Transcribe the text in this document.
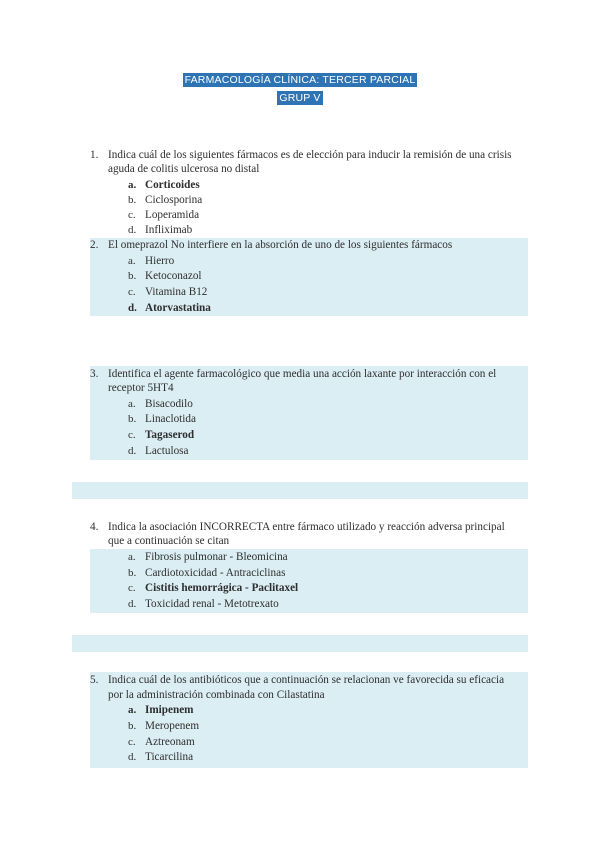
FARMACOLOGÍA CLÍNICA: TERCER PARCIAL
GRUP V
1. Indica cuál de los siguientes fármacos es de elección para inducir la remisión de una crisis
aguda de colitis ulcerosa no distal
a. Corticoides
b. Ciclosporina
c. Loperamida
d. Infliximab
2. El omeprazol No interfiere en la absorción de uno de los siguientes fármacos
a. Hierro
b. Ketoconazol
c. Vitamina B12
d. Atorvastatina
3. Identifica el agente farmacológico que media una acción laxante por interacción con el
receptor 5HT4
a. Bisacodilo
b. Linaclotida
c. Tagaserod
d. Lactulosa
4. Indica la asociación INCORRECTA entre fármaco utilizado y reacción adversa principal
que a continuación se citan
a. Fibrosis pulmonar - Bleomicina
b. Cardiotoxicidad - Antraciclinas
c. Cistitis hemorrágica - Paclitaxel
d. Toxicidad renal - Metotrexato
5. Indica cuál de los antibióticos que a continuación se relacionan ve favorecida su eficacia
por la administración combinada con Cilastatina
a. Imipenem
b. Meropenem
c. Aztreonam
d. Ticarcilina
